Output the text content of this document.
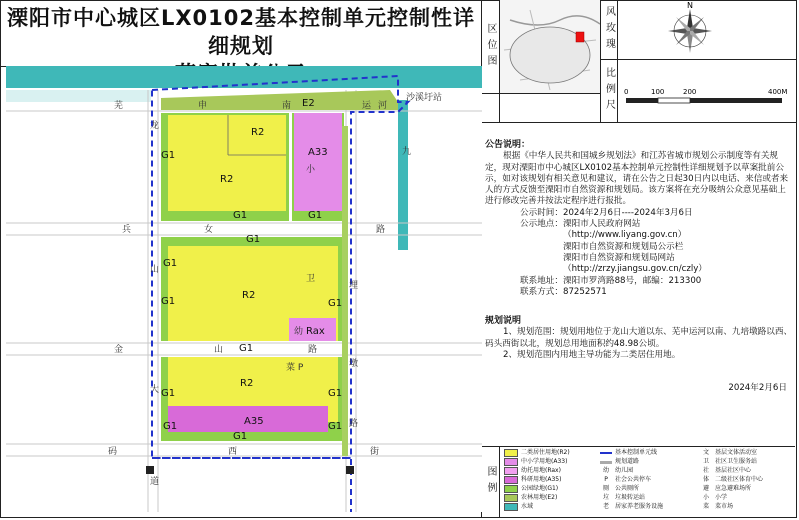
溧阳市中心城区LX0102基本控制单元控制性详细规划
R2
R2
A33
R2
Rax
R2
A35
幼
小
卫
菜 P
E2
G1
G1
G1
G1
G1	G1
G1
G1	G1
G1
G1	G1
G1
芜	申	南	运 河
兵	女	路
金	山	路
码	西	街
九
埋
墩
路
龙
山
大
道
沙溪圩站
区位图	风玫瑰	N
比例尺 0	100	200	400M

公告说明：

根据《中华人民共和国城乡规划法》和江苏省城市规划公示制度等有关规定，现对溧阳市中心城区LX0102基本控制单元控制性详细规划予以草案批前公示，如对该规划有相关意见和建议，请在公告之日起30日内以电话、来信或者来人的方式反馈至溧阳市自然资源和规划局。该方案将在充分吸纳公众意见基础上进行修改完善并按法定程序进行报批。

公示时间： 2024年2月6日----2024年3月6日
公示地点： 溧阳市人民政府网站

（http://www.liyang.gov.cn）

溧阳市自然资源和规划局公示栏

溧阳市自然资源和规划局网站

（http://zrzy.jiangsu.gov.cn/czly）

联系地址： 溧阳市罗湾路88号，邮编：213300
联系方式： 87252571

规划说明

1、规划范围：规划用地位于龙山大道以东、芜申运河以南、九培墩路以西、码头西街以北，规划总用地面积约48.98公顷。

2、规划范围内用地主导功能为二类居住用地。

2024年2月6日

图例
二类居住用地(R2)
中小学用地(A33)
幼托用地(Rax)
科研用地(A35)
公园绿地(G1)
农林用地(E2)
水域
基本控制单元线
规划道路
幼	幼儿园
P	社会公共停车
厕	公共厕所
垃	垃圾转运站
老	居家养老服务设施
文	基层文体活动室
卫	社区卫生服务站
社	基层社区中心
体	二级社区体育中心
避	应急避难场所
小	小学
菜	菜市场
